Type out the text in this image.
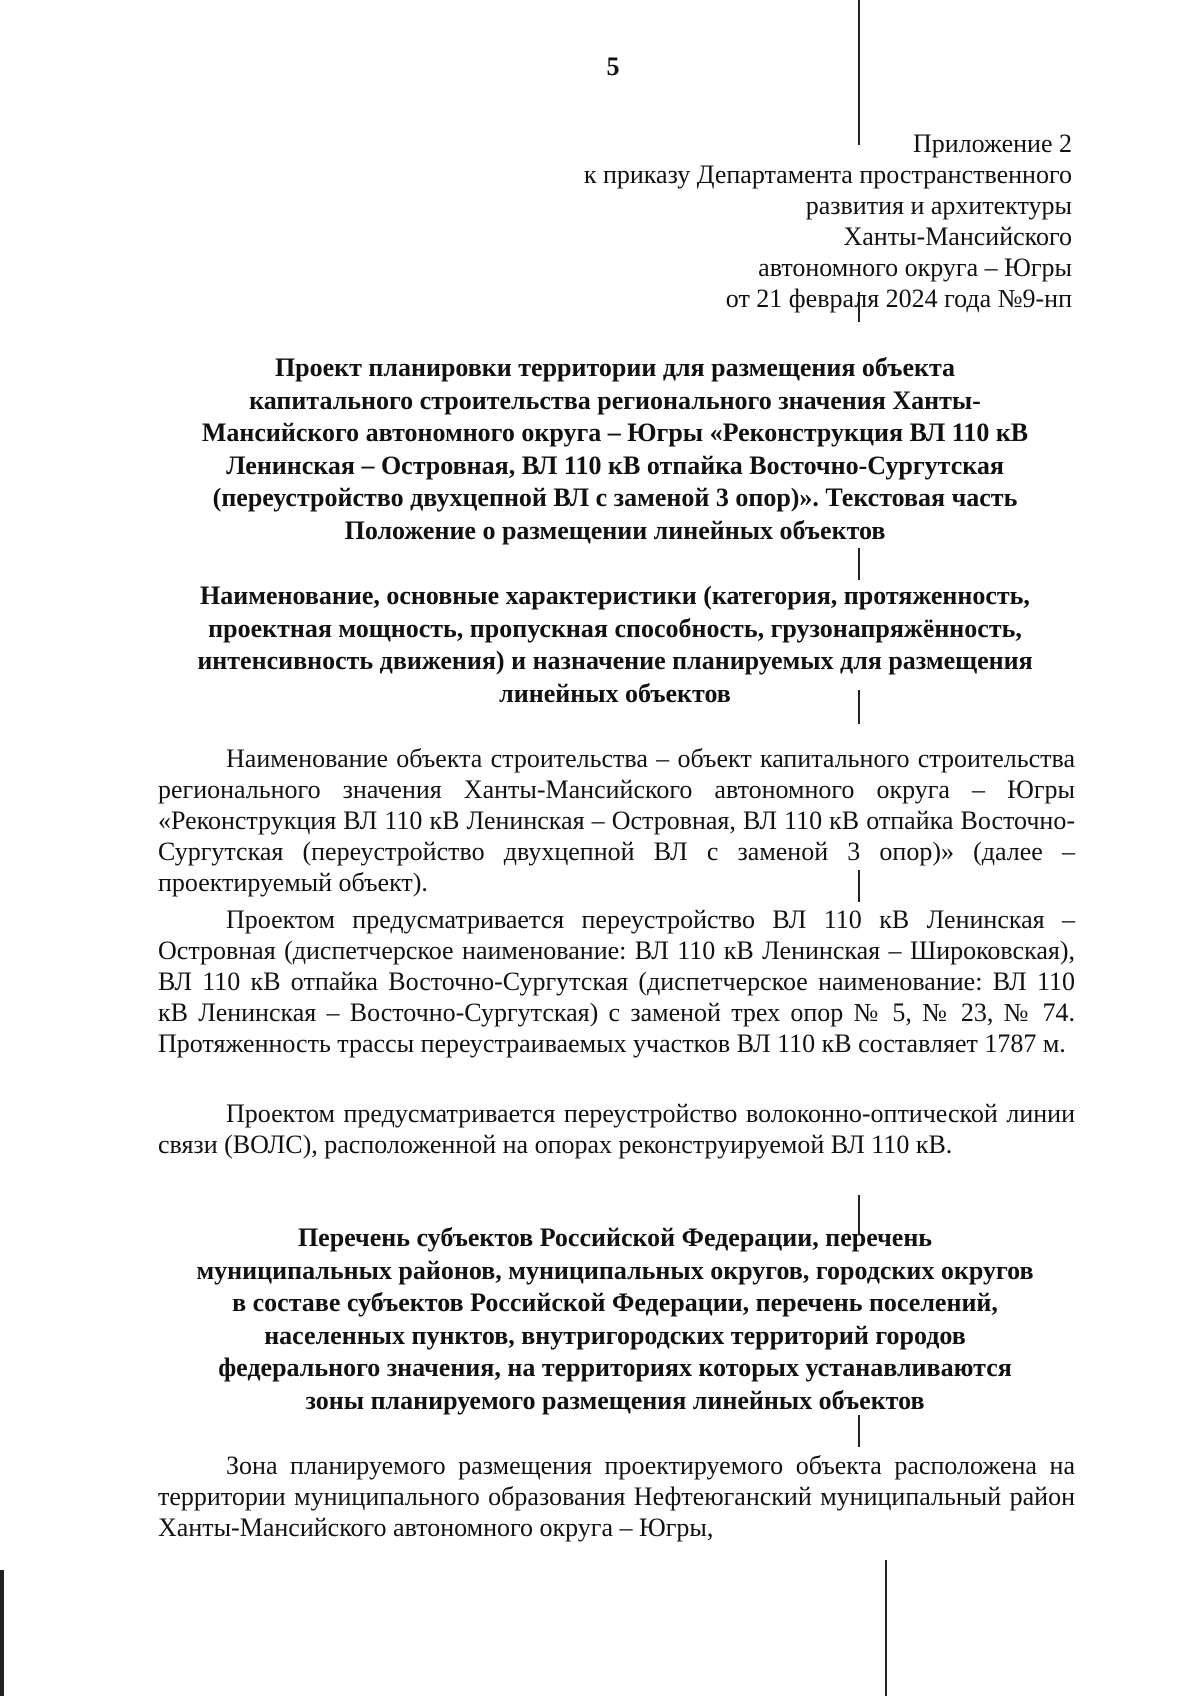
5
Приложение 2
к приказу Департамента пространственного
развития и архитектуры
Ханты-Мансийского
автономного округа – Югры
от 21 февраля 2024 года №9-нп
Проект планировки территории для размещения объекта
капитального строительства регионального значения Ханты-
Мансийского автономного округа – Югры «Реконструкция ВЛ 110 кВ
Ленинская – Островная, ВЛ 110 кВ отпайка Восточно-Сургутская
(переустройство двухцепной ВЛ с заменой 3 опор)». Текстовая часть
Положение о размещении линейных объектов
Наименование, основные характеристики (категория, протяженность,
проектная мощность, пропускная способность, грузонапряжённость,
интенсивность движения) и назначение планируемых для размещения
линейных объектов

Наименование объекта строительства – объект капитального строительства регионального значения Ханты-Мансийского автономного округа – Югры «Реконструкция ВЛ 110 кВ Ленинская – Островная, ВЛ 110 кВ отпайка Восточно-Сургутская (переустройство двухцепной ВЛ с заменой 3 опор)» (далее – проектируемый объект).

Проектом предусматривается переустройство ВЛ 110 кВ Ленинская – Островная (диспетчерское наименование: ВЛ 110 кВ Ленинская – Широковская), ВЛ 110 кВ отпайка Восточно-Сургутская (диспетчерское наименование: ВЛ 110 кВ Ленинская – Восточно-Сургутская) с заменой трех опор № 5, № 23, № 74. Протяженность трассы переустраиваемых участков ВЛ 110 кВ составляет 1787 м.

Проектом предусматривается переустройство волоконно-оптической линии связи (ВОЛС), расположенной на опорах реконструируемой ВЛ 110 кВ.

Перечень субъектов Российской Федерации, перечень
муниципальных районов, муниципальных округов, городских округов
в составе субъектов Российской Федерации, перечень поселений,
населенных пунктов, внутригородских территорий городов
федерального значения, на территориях которых устанавливаются
зоны планируемого размещения линейных объектов

Зона планируемого размещения проектируемого объекта расположена на территории муниципального образования Нефтеюганский муниципальный район Ханты-Мансийского автономного округа – Югры,
